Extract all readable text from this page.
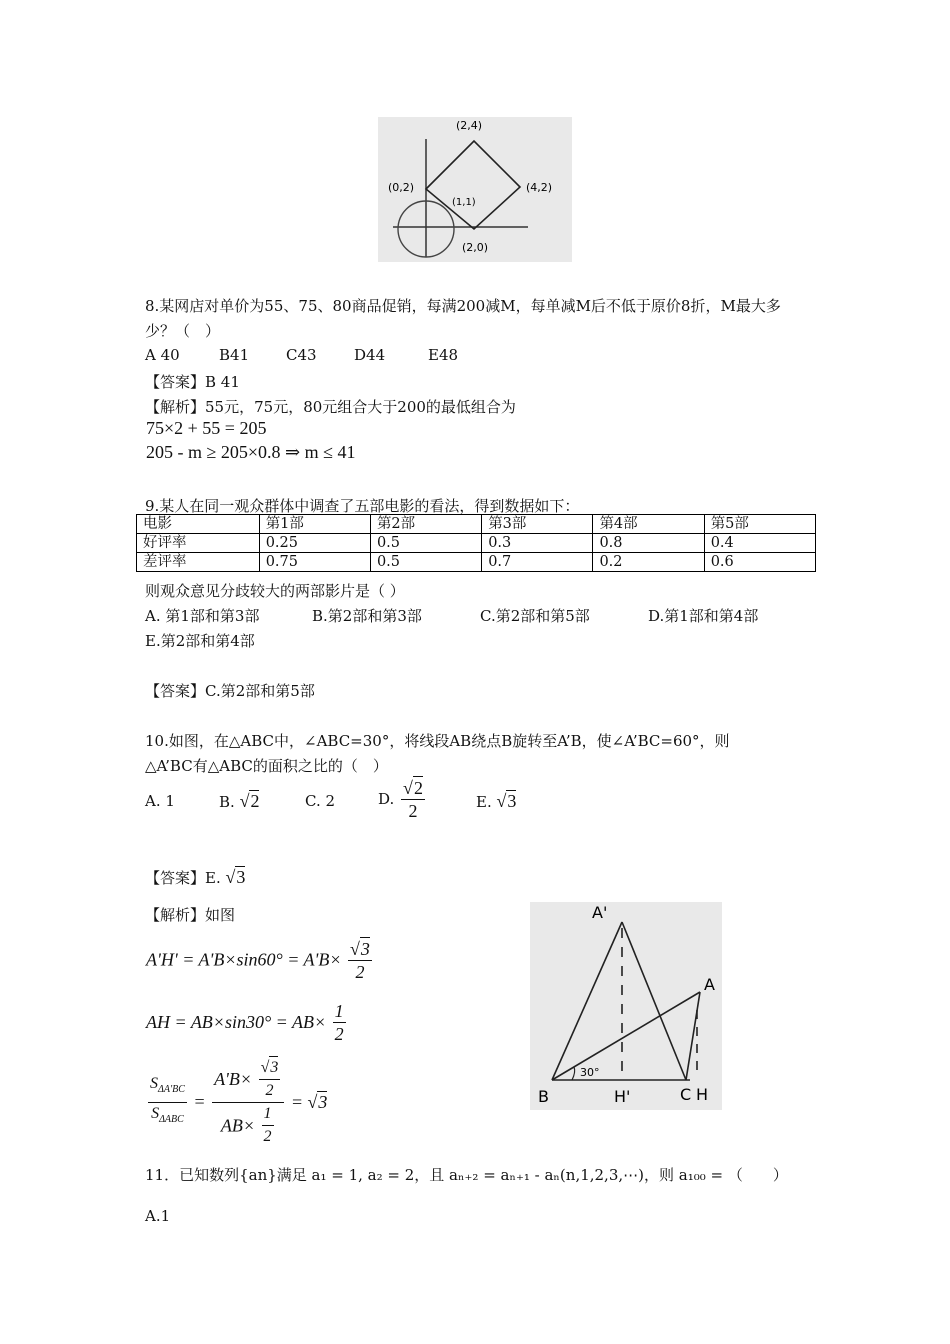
(2,4)
(0,2)
(1,1)
(4,2)
(2,0)
8.某网店对单价为55、75、80商品促销，每满200减M，每单减M后不低于原价8折，M最大多
少？（　）
A 40	B41 C43 D44	E48
【答案】B 41
【解析】55元，75元，80元组合大于200的最低组合为
75×2 + 55 = 205
205 - m ≥ 205×0.8 ⇒ m ≤ 41
9.某人在同一观众群体中调查了五部电影的看法，得到数据如下：
电影	第1部	第2部	第3部	第4部	第5部
好评率	0.25	0.5	0.3	0.8	0.4
差评率	0.75	0.5	0.7	0.2	0.6
则观众意见分歧较大的两部影片是（ ）
A. 第1部和第3部	B.第2部和第3部	C.第2部和第5部	D.第1部和第4部
E.第2部和第4部
【答案】C.第2部和第5部
10.如图，在△ABC中，∠ABC=30°，将线段AB绕点B旋转至A’B，使∠A’BC=60°，则
△A’BC有△ABC的面积之比的（　）
A. 1	B. √ 2	C. 2	D. √ $\frac{2}{2}$	E. √ 3
【答案】E. √ 3
【解析】如图
A'H' = A'B×sin60° = A'B× √ $\frac{3}{2}$
AH = $AB\times\sin 30^\circ = AB\times \frac{1}{2}$
$\frac{S_{\Delta A'BC}}{S_{\Delta ABC}} = \frac{A'B\times √ \frac{3}{2}}{AB\times \frac{1}{2}}$ = √ 3
A'
A
B	H'	C H
30°
11．已知数列{an}满足 a₁ = 1, a₂ = 2，且 aₙ₊₂ = aₙ₊₁ - aₙ(n,1,2,3,⋯)，则 a₁₀₀ = （　　）
A.1
